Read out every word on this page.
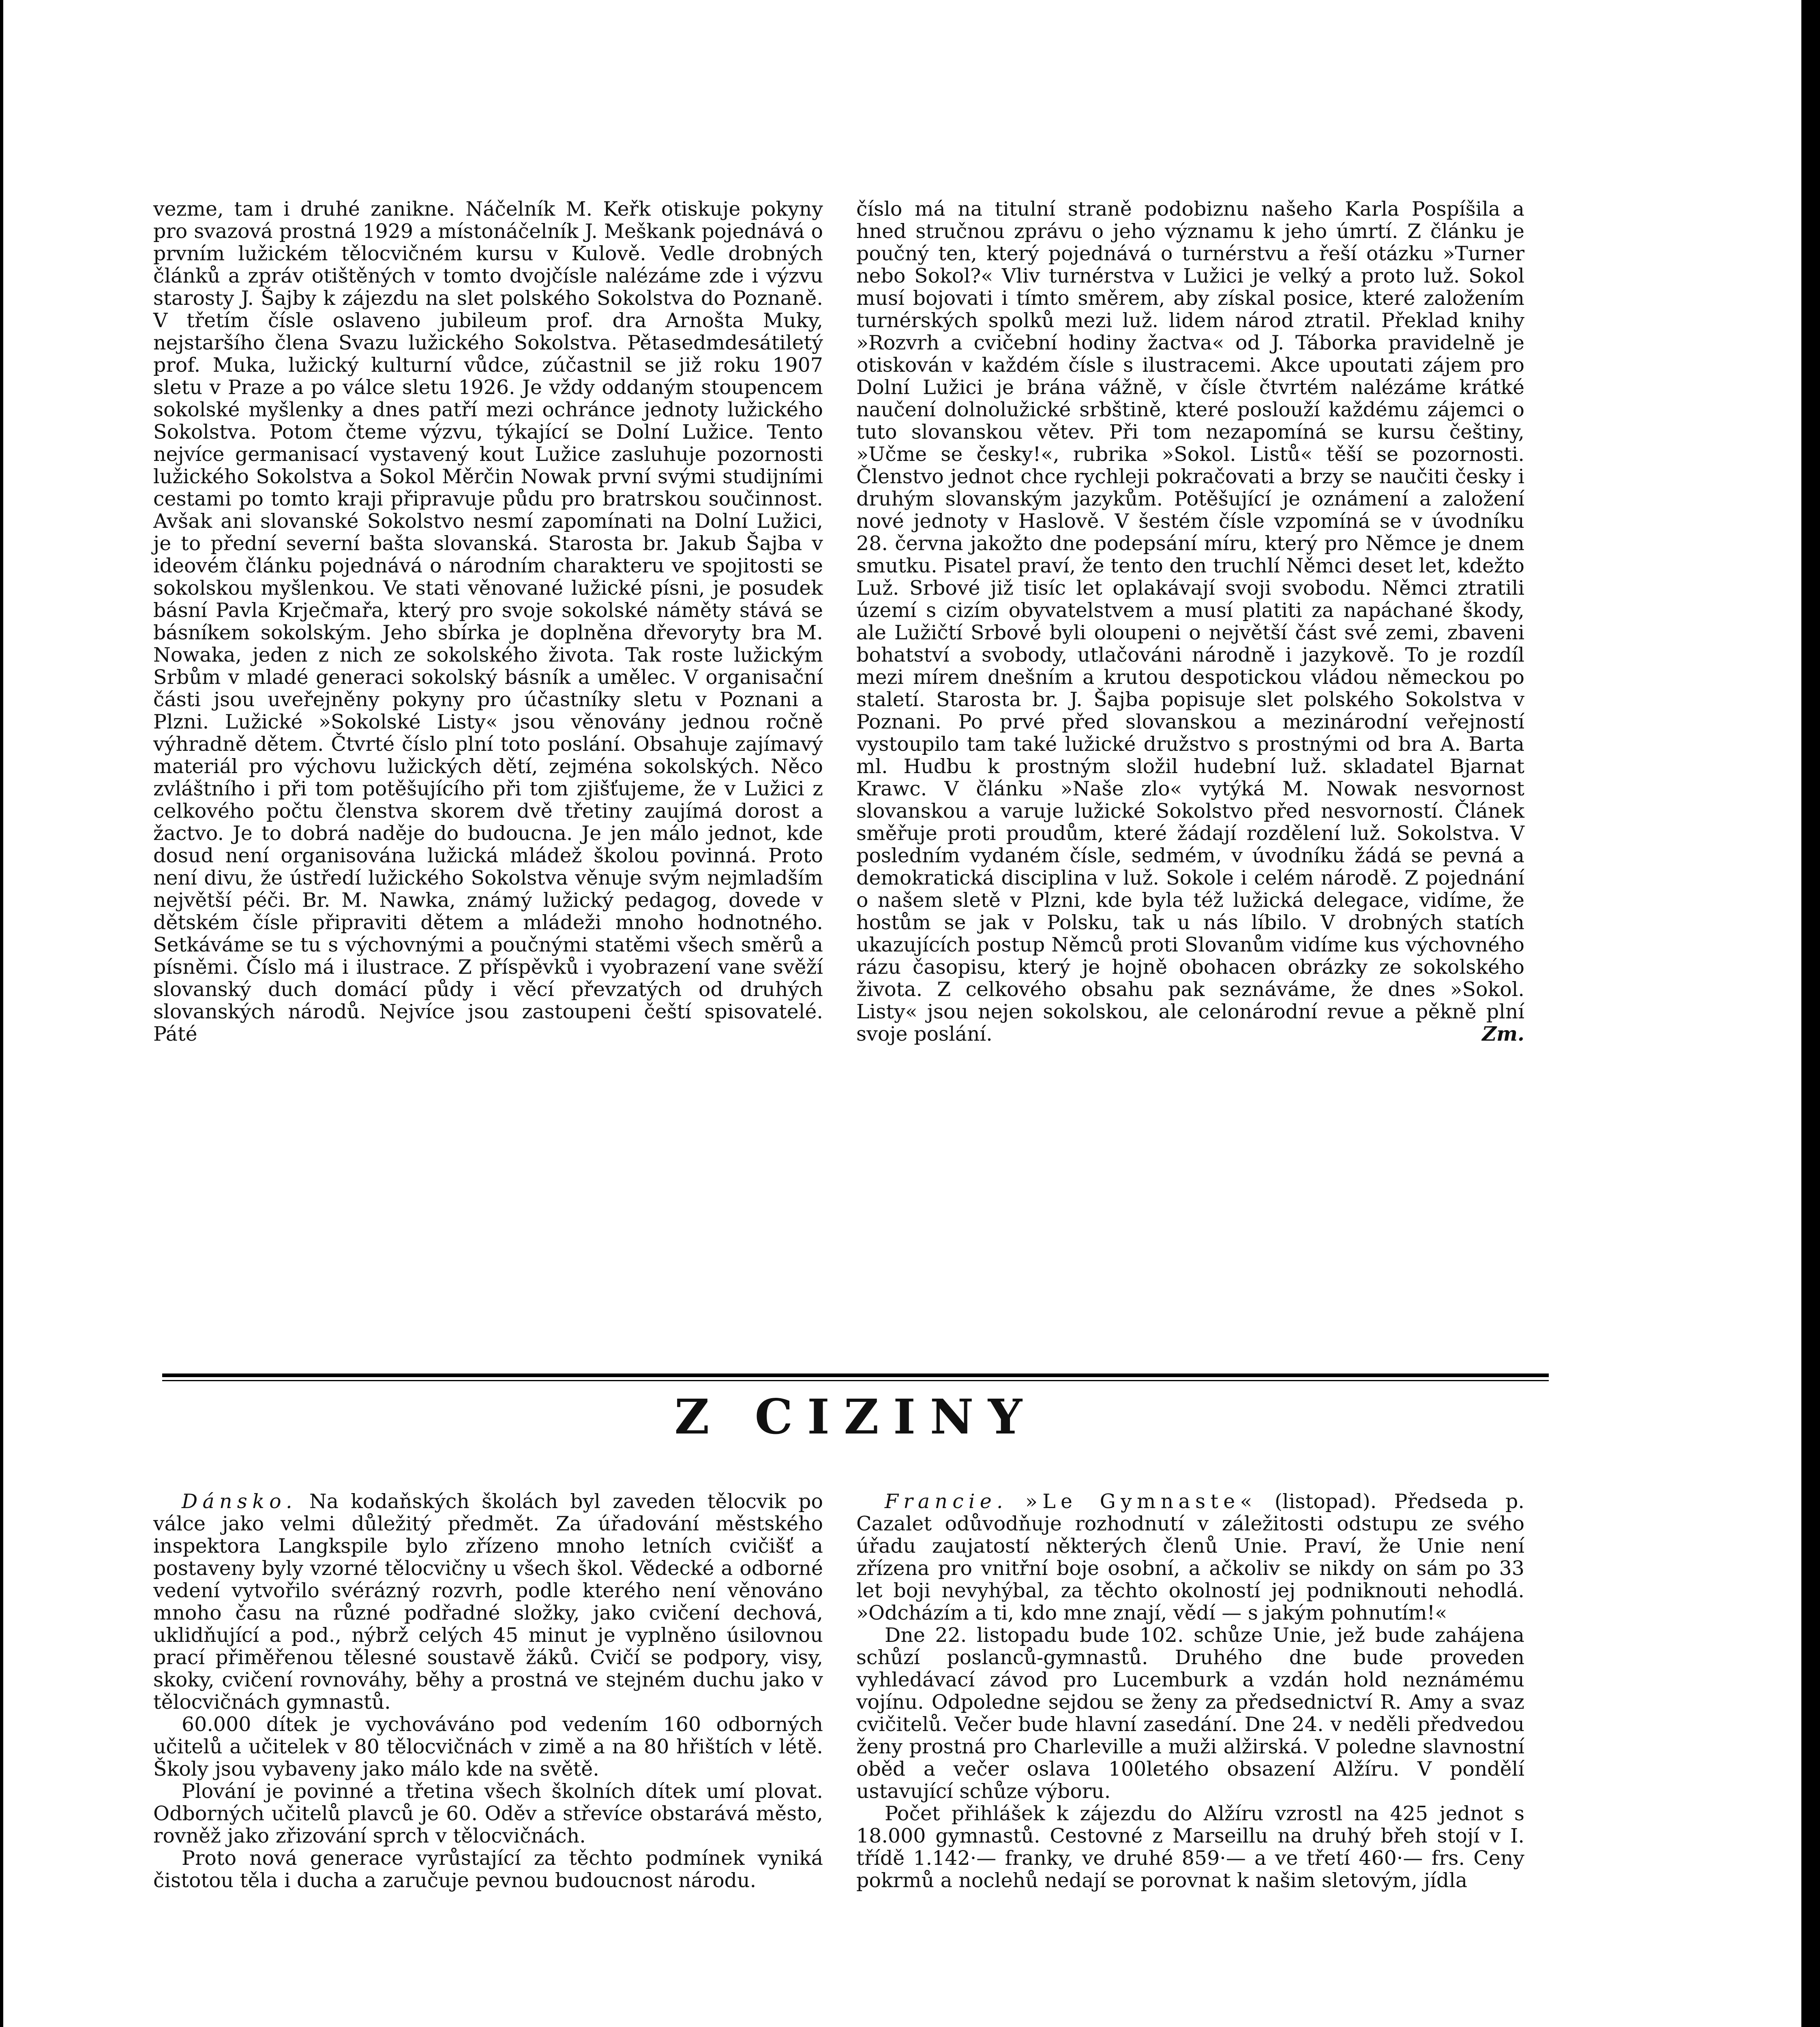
vezme, tam i druhé zanikne. Náčelník M. Keřk otiskuje pokyny pro svazová prostná 1929 a místonáčelník J. Meškank pojednává o prvním lužickém tělocvičném kursu v Kulově. Vedle drobných článků a zpráv otištěných v tomto dvojčísle nalézáme zde i výzvu starosty J. Šajby k zájezdu na slet polského Sokolstva do Poznaně. V třetím čísle oslaveno jubileum prof. dra Arnošta Muky, nejstaršího člena Svazu lužického Sokolstva. Pětasedmdesátiletý prof. Muka, lužický kulturní vůdce, zúčastnil se již roku 1907 sletu v Praze a po válce sletu 1926. Je vždy oddaným stoupencem sokolské myšlenky a dnes patří mezi ochránce jednoty lužického Sokolstva. Potom čteme výzvu, týkající se Dolní Lužice. Tento nejvíce germanisací vystavený kout Lužice zasluhuje pozornosti lužického Sokolstva a Sokol Měrčin Nowak první svými studijními cestami po tomto kraji připravuje půdu pro bratrskou součinnost. Avšak ani slovanské Sokolstvo nesmí zapomínati na Dolní Lužici, je to přední severní bašta slovanská. Starosta br. Jakub Šajba v ideovém článku pojednává o národním charakteru ve spojitosti se sokolskou myšlenkou. Ve stati věnované lužické písni, je posudek básní Pavla Krječmařa, který pro svoje sokolské náměty stává se básníkem sokolským. Jeho sbírka je doplněna dřevoryty bra M. Nowaka, jeden z nich ze sokolského života. Tak roste lužickým Srbům v mladé generaci sokolský básník a umělec. V organisační části jsou uveřejněny pokyny pro účastníky sletu v Poznani a Plzni. Lužické »Sokolské Listy« jsou věnovány jednou ročně výhradně dětem. Čtvrté číslo plní toto poslání. Obsahuje zajímavý materiál pro výchovu lužických dětí, zejména sokolských. Něco zvláštního i při tom potěšujícího při tom zjišťujeme, že v Lužici z celkového počtu členstva skorem dvě třetiny zaujímá dorost a žactvo. Je to dobrá naděje do budoucna. Je jen málo jednot, kde dosud není organisována lužická mládež školou povinná. Proto není divu, že ústředí lužického Sokolstva věnuje svým nejmladším největší péči. Br. M. Nawka, známý lužický pedagog, dovede v dětském čísle připraviti dětem a mládeži mnoho hodnotného. Setkáváme se tu s výchovnými a poučnými statěmi všech směrů a písněmi. Číslo má i ilustrace. Z příspěvků i vyobrazení vane svěží slovanský duch domácí půdy i věcí převzatých od druhých slovanských národů. Nejvíce jsou zastoupeni čeští spisovatelé. Páté

číslo má na titulní straně podobiznu našeho Karla Pospíšila a hned stručnou zprávu o jeho významu k jeho úmrtí. Z článku je poučný ten, který pojednává o turnérstvu a řeší otázku »Turner nebo Sokol?« Vliv turnérstva v Lužici je velký a proto luž. Sokol musí bojovati i tímto směrem, aby získal posice, které založením turnérských spolků mezi luž. lidem národ ztratil. Překlad knihy »Rozvrh a cvičební hodiny žactva« od J. Táborka pravidelně je otiskován v každém čísle s ilustracemi. Akce upoutati zájem pro Dolní Lužici je brána vážně, v čísle čtvrtém nalézáme krátké naučení dolnolužické srbštině, které poslouží každému zájemci o tuto slovanskou větev. Při tom nezapomíná se kursu češtiny, »Učme se česky!«, rubrika »Sokol. Listů« těší se pozornosti. Členstvo jednot chce rychleji pokračovati a brzy se naučiti česky i druhým slovanským jazykům. Potěšující je oznámení a založení nové jednoty v Haslově. V šestém čísle vzpomíná se v úvodníku 28. června jakožto dne podepsání míru, který pro Němce je dnem smutku. Pisatel praví, že tento den truchlí Němci deset let, kdežto Luž. Srbové již tisíc let oplakávají svoji svobodu. Němci ztratili území s cizím obyvatelstvem a musí platiti za napáchané škody, ale Lužičtí Srbové byli oloupeni o největší část své zemi, zbaveni bohatství a svobody, utlačováni národně i jazykově. To je rozdíl mezi mírem dnešním a krutou despotickou vládou německou po staletí. Starosta br. J. Šajba popisuje slet polského Sokolstva v Poznani. Po prvé před slovanskou a mezinárodní veřejností vystoupilo tam také lužické družstvo s prostnými od bra A. Barta ml. Hudbu k prostným složil hudební luž. skladatel Bjarnat Krawc. V článku »Naše zlo« vytýká M. Nowak nesvornost slovanskou a varuje lužické Sokolstvo před nesvorností. Článek směřuje proti proudům, které žádají rozdělení luž. Sokolstva. V posledním vydaném čísle, sedmém, v úvodníku žádá se pevná a demokratická disciplina v luž. Sokole i celém národě. Z pojednání o našem sletě v Plzni, kde byla též lužická delegace, vidíme, že hostům se jak v Polsku, tak u nás líbilo. V drobných statích ukazujících postup Němců proti Slovanům vidíme kus výchovného rázu časopisu, který je hojně obohacen obrázky ze sokolského života. Z celkového obsahu pak seznáváme, že dnes »Sokol. Listy« jsou nejen sokolskou, ale celonárodní revue a pěkně plní svoje poslání.	Zm.

Z CIZINY

Dánsko. Na kodaňských školách byl zaveden tělocvik po válce jako velmi důležitý předmět. Za úřadování městského inspektora Langkspile bylo zřízeno mnoho letních cvičišť a postaveny byly vzorné tělocvičny u všech škol. Vědecké a odborné vedení vytvořilo svérázný rozvrh, podle kterého není věnováno mnoho času na různé podřadné složky, jako cvičení dechová, uklidňující a pod., nýbrž celých 45 minut je vyplněno úsilovnou prací přiměřenou tělesné soustavě žáků. Cvičí se podpory, visy, skoky, cvičení rovnováhy, běhy a prostná ve stejném duchu jako v tělocvičnách gymnastů.

60.000 dítek je vychováváno pod vedením 160 odborných učitelů a učitelek v 80 tělocvičnách v zimě a na 80 hřištích v létě. Školy jsou vybaveny jako málo kde na světě.

Plování je povinné a třetina všech školních dítek umí plovat. Odborných učitelů plavců je 60. Oděv a střevíce obstarává město, rovněž jako zřizování sprch v tělocvičnách.

Proto nová generace vyrůstající za těchto podmínek vyniká čistotou těla i ducha a zaručuje pevnou budoucnost národu.

Francie. »Le Gymnaste« (listopad). Předseda p. Cazalet odůvodňuje rozhodnutí v záležitosti odstupu ze svého úřadu zaujatostí některých členů Unie. Praví, že Unie není zřízena pro vnitřní boje osobní, a ačkoliv se nikdy on sám po 33 let boji nevyhýbal, za těchto okolností jej podniknouti nehodlá. »Odcházím a ti, kdo mne znají, vědí — s jakým pohnutím!«

Dne 22. listopadu bude 102. schůze Unie, jež bude zahájena schůzí poslanců-gymnastů. Druhého dne bude proveden vyhledávací závod pro Lucemburk a vzdán hold neznámému vojínu. Odpoledne sejdou se ženy za předsednictví R. Amy a svaz cvičitelů. Večer bude hlavní zasedání. Dne 24. v neděli předvedou ženy prostná pro Charleville a muži alžirská. V poledne slavnostní oběd a večer oslava 100letého obsazení Alžíru. V pondělí ustavující schůze výboru.

Počet přihlášek k zájezdu do Alžíru vzrostl na 425 jednot s 18.000 gymnastů. Cestovné z Marseillu na druhý břeh stojí v I. třídě 1.142·— franky, ve druhé 859·— a ve třetí 460·— frs. Ceny pokrmů a noclehů nedají se porovnat k našim sletovým, jídla
